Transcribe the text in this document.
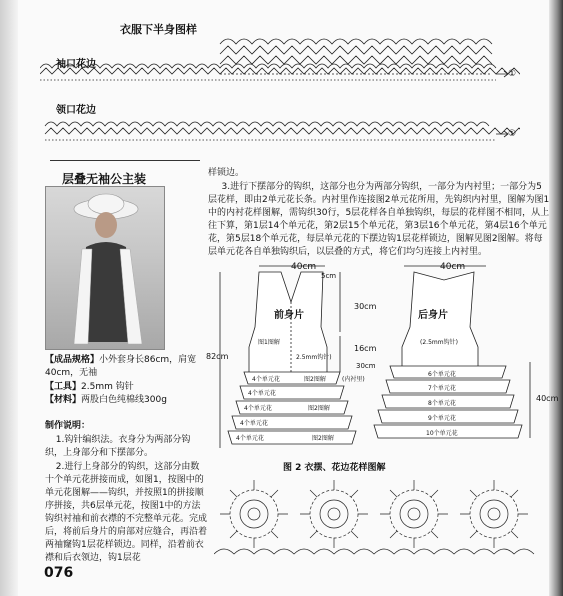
衣服下半身图样
袖口花边
领口花边
①
①
层叠无袖公主装
【成品规格】小外套身长86cm，肩宽40cm，无袖
【工具】2.5mm 钩针
【材料】两股白色纯棉线300g
制作说明：
1.钩针编织法。衣身分为两部分钩织，上身部分和下摆部分。
2.进行上身部分的钩织，这部分由数十个单元花拼接而成，如图1，按图中的单元花图解——钩织，并按照1的拼接顺序拼接，共6层单元花，按图1中的方法钩织衬袖和前衣襟的不完整单元花。完成后，将前后身片的肩部对应缝合，再沿着两袖窿钩1层花样锁边。同样，沿着前衣襟和后衣领边，钩1层花
样锁边。
3.进行下摆部分的钩织，这部分也分为两部分钩织，一部分为内衬里；一部分为5层花样，即由2单元花长条。内衬里作连接图2单元花所用，先钩织内衬里，图解为图1中的内衬花样图解，需钩织30行，5层花样各自单独钩织，每层的花样图不相同，从上往下算，第1层14个单元花，第2层15个单元花，第3层16个单元花，第4层16个单元花，第5层18个单元花，每层单元花的下摆边钩1层花样锁边，图解见图2图解。将每层单元花各自单独钩织后，以层叠的方式，将它们均匀连接上内衬里。
40cm	40cm
5cm
82cm
30cm
16cm
30cm
40cm
前身片	后身片
图1图解
2.5mm钩针)
(2.5mm钩针)
(内衬里)
4个单元花
4个单元花
4个单元花
4个单元花
4个单元花
图2图解
图2图解
图2图解
6个单元花
7个单元花
8个单元花
9个单元花
10个单元花
图 2 衣摆、花边花样图解
076
